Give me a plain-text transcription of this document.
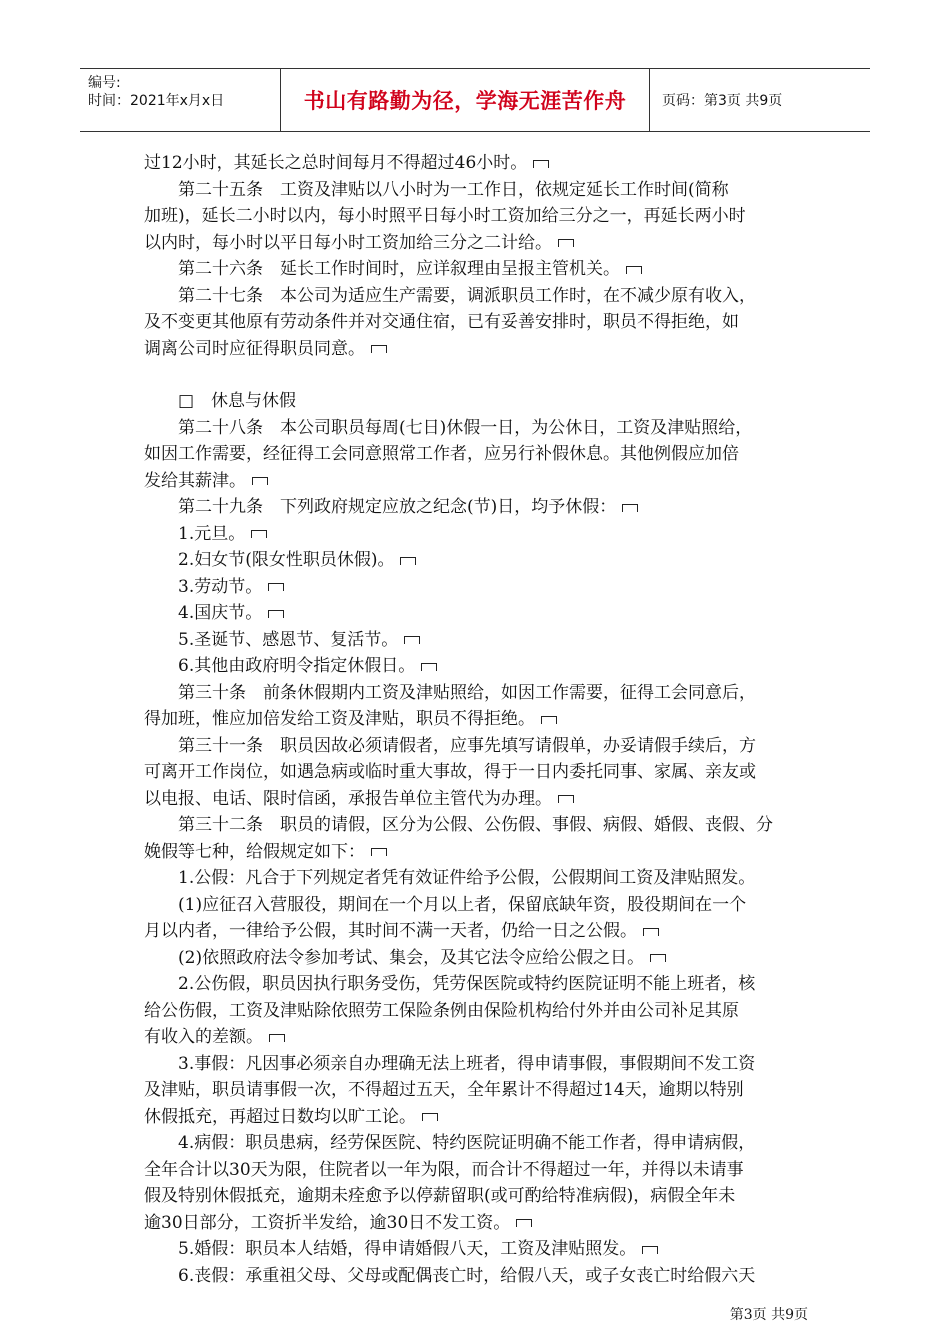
编号:
时间：2021年x月x日	书山有路勤为径，学海无涯苦作舟	页码：第3页 共9页

过12小时，其延长之总时间每月不得超过46小时。

第二十五条　工资及津贴以八小时为一工作日，依规定延长工作时间(简称

加班)，延长二小时以内，每小时照平日每小时工资加给三分之一，再延长两小时

以内时，每小时以平日每小时工资加给三分之二计给。

第二十六条　延长工作时间时，应详叙理由呈报主管机关。

第二十七条　本公司为适应生产需要，调派职员工作时，在不减少原有收入，

及不变更其他原有劳动条件并对交通住宿，已有妥善安排时，职员不得拒绝，如

调离公司时应征得职员同意。

□　休息与休假

第二十八条　本公司职员每周(七日)休假一日，为公休日，工资及津贴照给，

如因工作需要，经征得工会同意照常工作者，应另行补假休息。其他例假应加倍

发给其薪津。

第二十九条　下列政府规定应放之纪念(节)日，均予休假：

1.元旦。

2.妇女节(限女性职员休假)。

3.劳动节。

4.国庆节。

5.圣诞节、感恩节、复活节。

6.其他由政府明令指定休假日。

第三十条　前条休假期内工资及津贴照给，如因工作需要，征得工会同意后，

得加班，惟应加倍发给工资及津贴，职员不得拒绝。

第三十一条　职员因故必须请假者，应事先填写请假单，办妥请假手续后，方

可离开工作岗位，如遇急病或临时重大事故，得于一日内委托同事、家属、亲友或

以电报、电话、限时信函，承报告单位主管代为办理。

第三十二条　职员的请假，区分为公假、公伤假、事假、病假、婚假、丧假、分

娩假等七种，给假规定如下：

1.公假：凡合于下列规定者凭有效证件给予公假，公假期间工资及津贴照发。

(1)应征召入营服役，期间在一个月以上者，保留底缺年资，股役期间在一个

月以内者，一律给予公假，其时间不满一天者，仍给一日之公假。

(2)依照政府法令参加考试、集会，及其它法令应给公假之日。

2.公伤假，职员因执行职务受伤，凭劳保医院或特约医院证明不能上班者，核

给公伤假，工资及津贴除依照劳工保险条例由保险机构给付外并由公司补足其原

有收入的差额。

3.事假：凡因事必须亲自办理确无法上班者，得申请事假，事假期间不发工资

及津贴，职员请事假一次，不得超过五天，全年累计不得超过14天，逾期以特别

休假抵充，再超过日数均以旷工论。

4.病假：职员患病，经劳保医院、特约医院证明确不能工作者，得申请病假，

全年合计以30天为限，住院者以一年为限，而合计不得超过一年，并得以未请事

假及特别休假抵充，逾期未痊愈予以停薪留职(或可酌给特准病假)，病假全年未

逾30日部分，工资折半发给，逾30日不发工资。

5.婚假：职员本人结婚，得申请婚假八天，工资及津贴照发。

6.丧假：承重祖父母、父母或配偶丧亡时，给假八天，或子女丧亡时给假六天

第3页 共9页
